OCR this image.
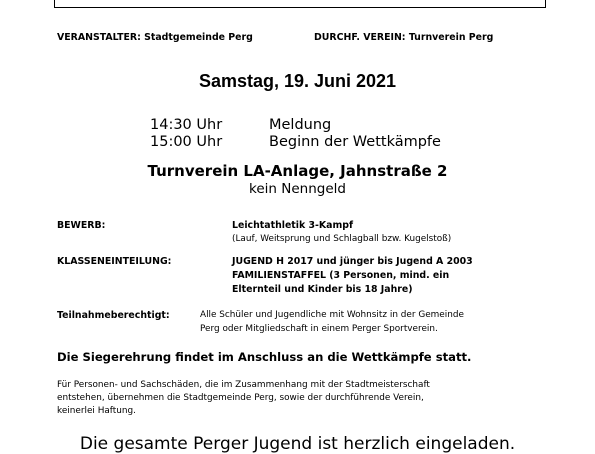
VERANSTALTER: Stadtgemeinde Perg	DURCHF. VEREIN: Turnverein Perg
Samstag, 19. Juni 2021
14:30 Uhr	Meldung
15:00 Uhr	Beginn der Wettkämpfe
Turnverein LA-Anlage, Jahnstraße 2
kein Nenngeld
BEWERB:	Leichtathletik 3-Kampf
(Lauf, Weitsprung und Schlagball bzw. Kugelstoß)
KLASSENEINTEILUNG:	JUGEND H 2017 und jünger bis Jugend A 2003
FAMILIENSTAFFEL (3 Personen, mind. ein
Elternteil und Kinder bis 18 Jahre)
Teilnahmeberechtigt:	Alle Schüler und Jugendliche mit Wohnsitz in der Gemeinde
Perg oder Mitgliedschaft in einem Perger Sportverein.
Die Siegerehrung findet im Anschluss an die Wettkämpfe statt.
Für Personen- und Sachschäden, die im Zusammenhang mit der Stadtmeisterschaft
entstehen, übernehmen die Stadtgemeinde Perg, sowie der durchführende Verein,
keinerlei Haftung.
Die gesamte Perger Jugend ist herzlich eingeladen.
